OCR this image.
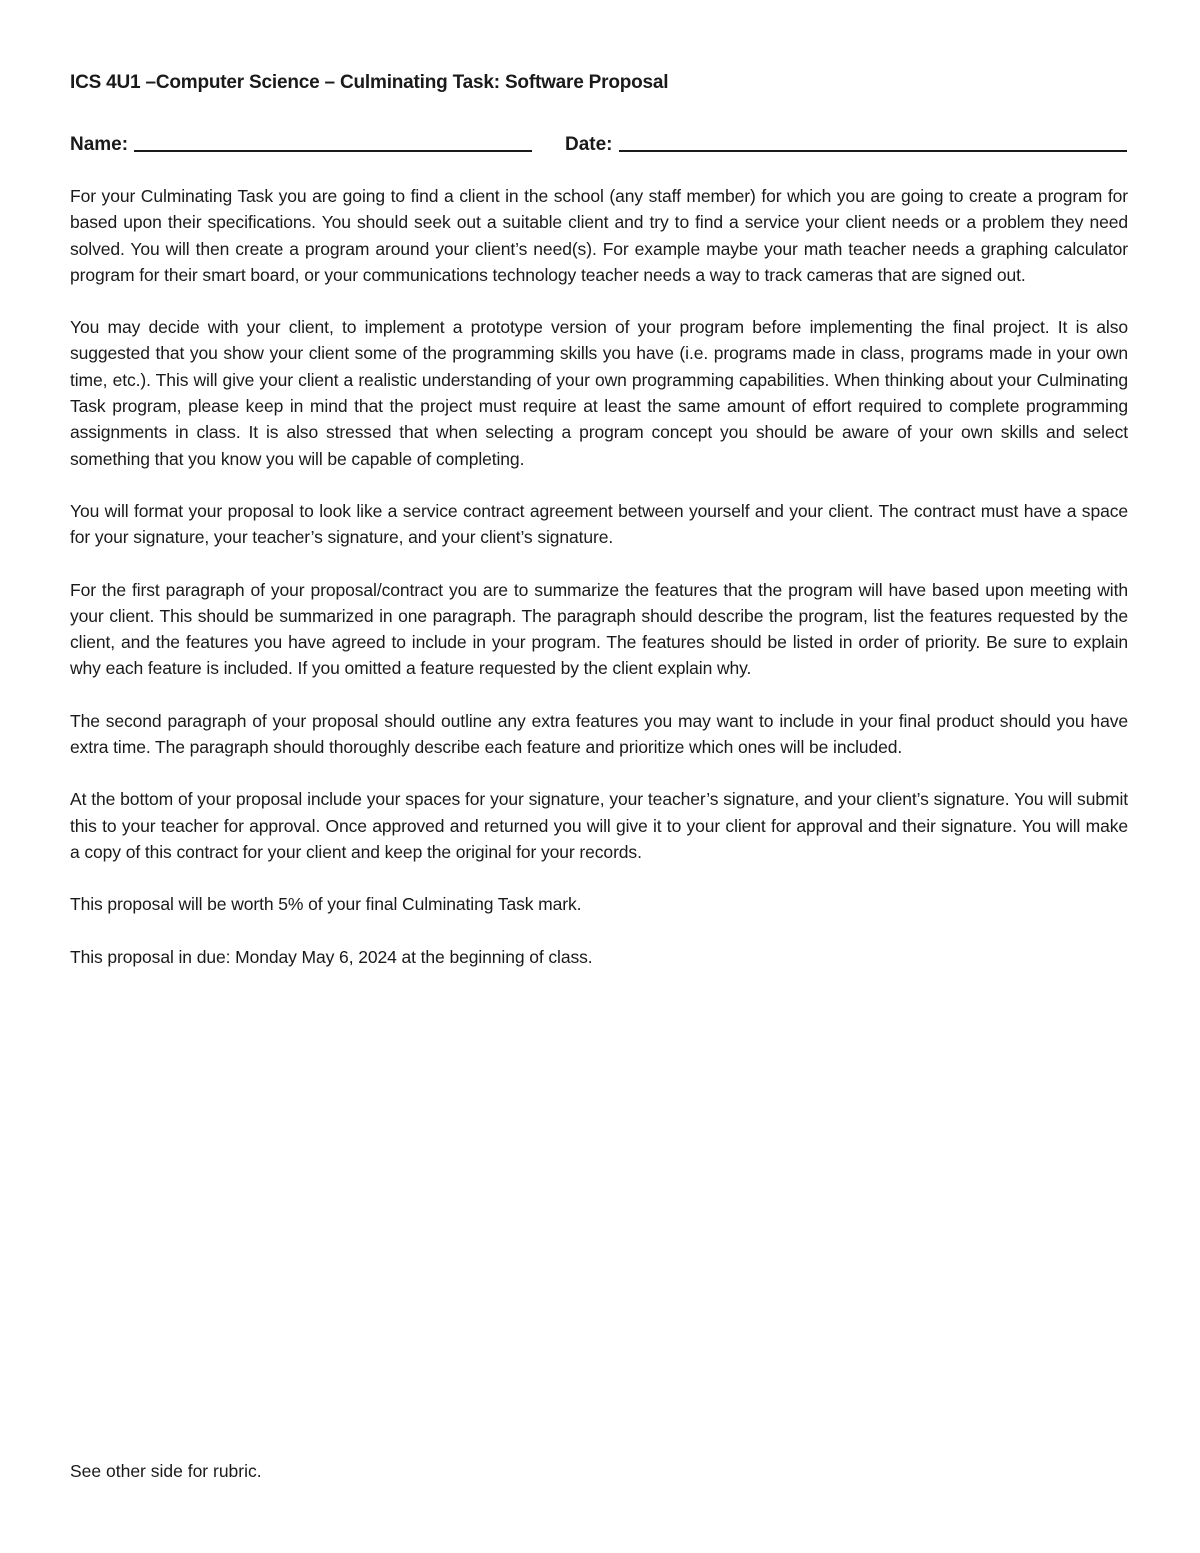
ICS 4U1 –Computer Science – Culminating Task: Software Proposal
Name:	Date:

For your Culminating Task you are going to find a client in the school (any staff member) for which you are going to create a program for based upon their specifications. You should seek out a suitable client and try to find a service your client needs or a problem they need solved. You will then create a program around your client’s need(s). For example maybe your math teacher needs a graphing calculator program for their smart board, or your communications technology teacher needs a way to track cameras that are signed out.

You may decide with your client, to implement a prototype version of your program before implementing the final project. It is also suggested that you show your client some of the programming skills you have (i.e. programs made in class, programs made in your own time, etc.). This will give your client a realistic understanding of your own programming capabilities. When thinking about your Culminating Task program, please keep in mind that the project must require at least the same amount of effort required to complete programming assignments in class. It is also stressed that when selecting a program concept you should be aware of your own skills and select something that you know you will be capable of completing.

You will format your proposal to look like a service contract agreement between yourself and your client. The contract must have a space for your signature, your teacher’s signature, and your client’s signature.

For the first paragraph of your proposal/contract you are to summarize the features that the program will have based upon meeting with your client. This should be summarized in one paragraph. The paragraph should describe the program, list the features requested by the client, and the features you have agreed to include in your program. The features should be listed in order of priority. Be sure to explain why each feature is included. If you omitted a feature requested by the client explain why.

The second paragraph of your proposal should outline any extra features you may want to include in your final product should you have extra time. The paragraph should thoroughly describe each feature and prioritize which ones will be included.

At the bottom of your proposal include your spaces for your signature, your teacher’s signature, and your client’s signature. You will submit this to your teacher for approval. Once approved and returned you will give it to your client for approval and their signature. You will make a copy of this contract for your client and keep the original for your records.

This proposal will be worth 5% of your final Culminating Task mark.

This proposal in due: Monday May 6, 2024 at the beginning of class.

See other side for rubric.
